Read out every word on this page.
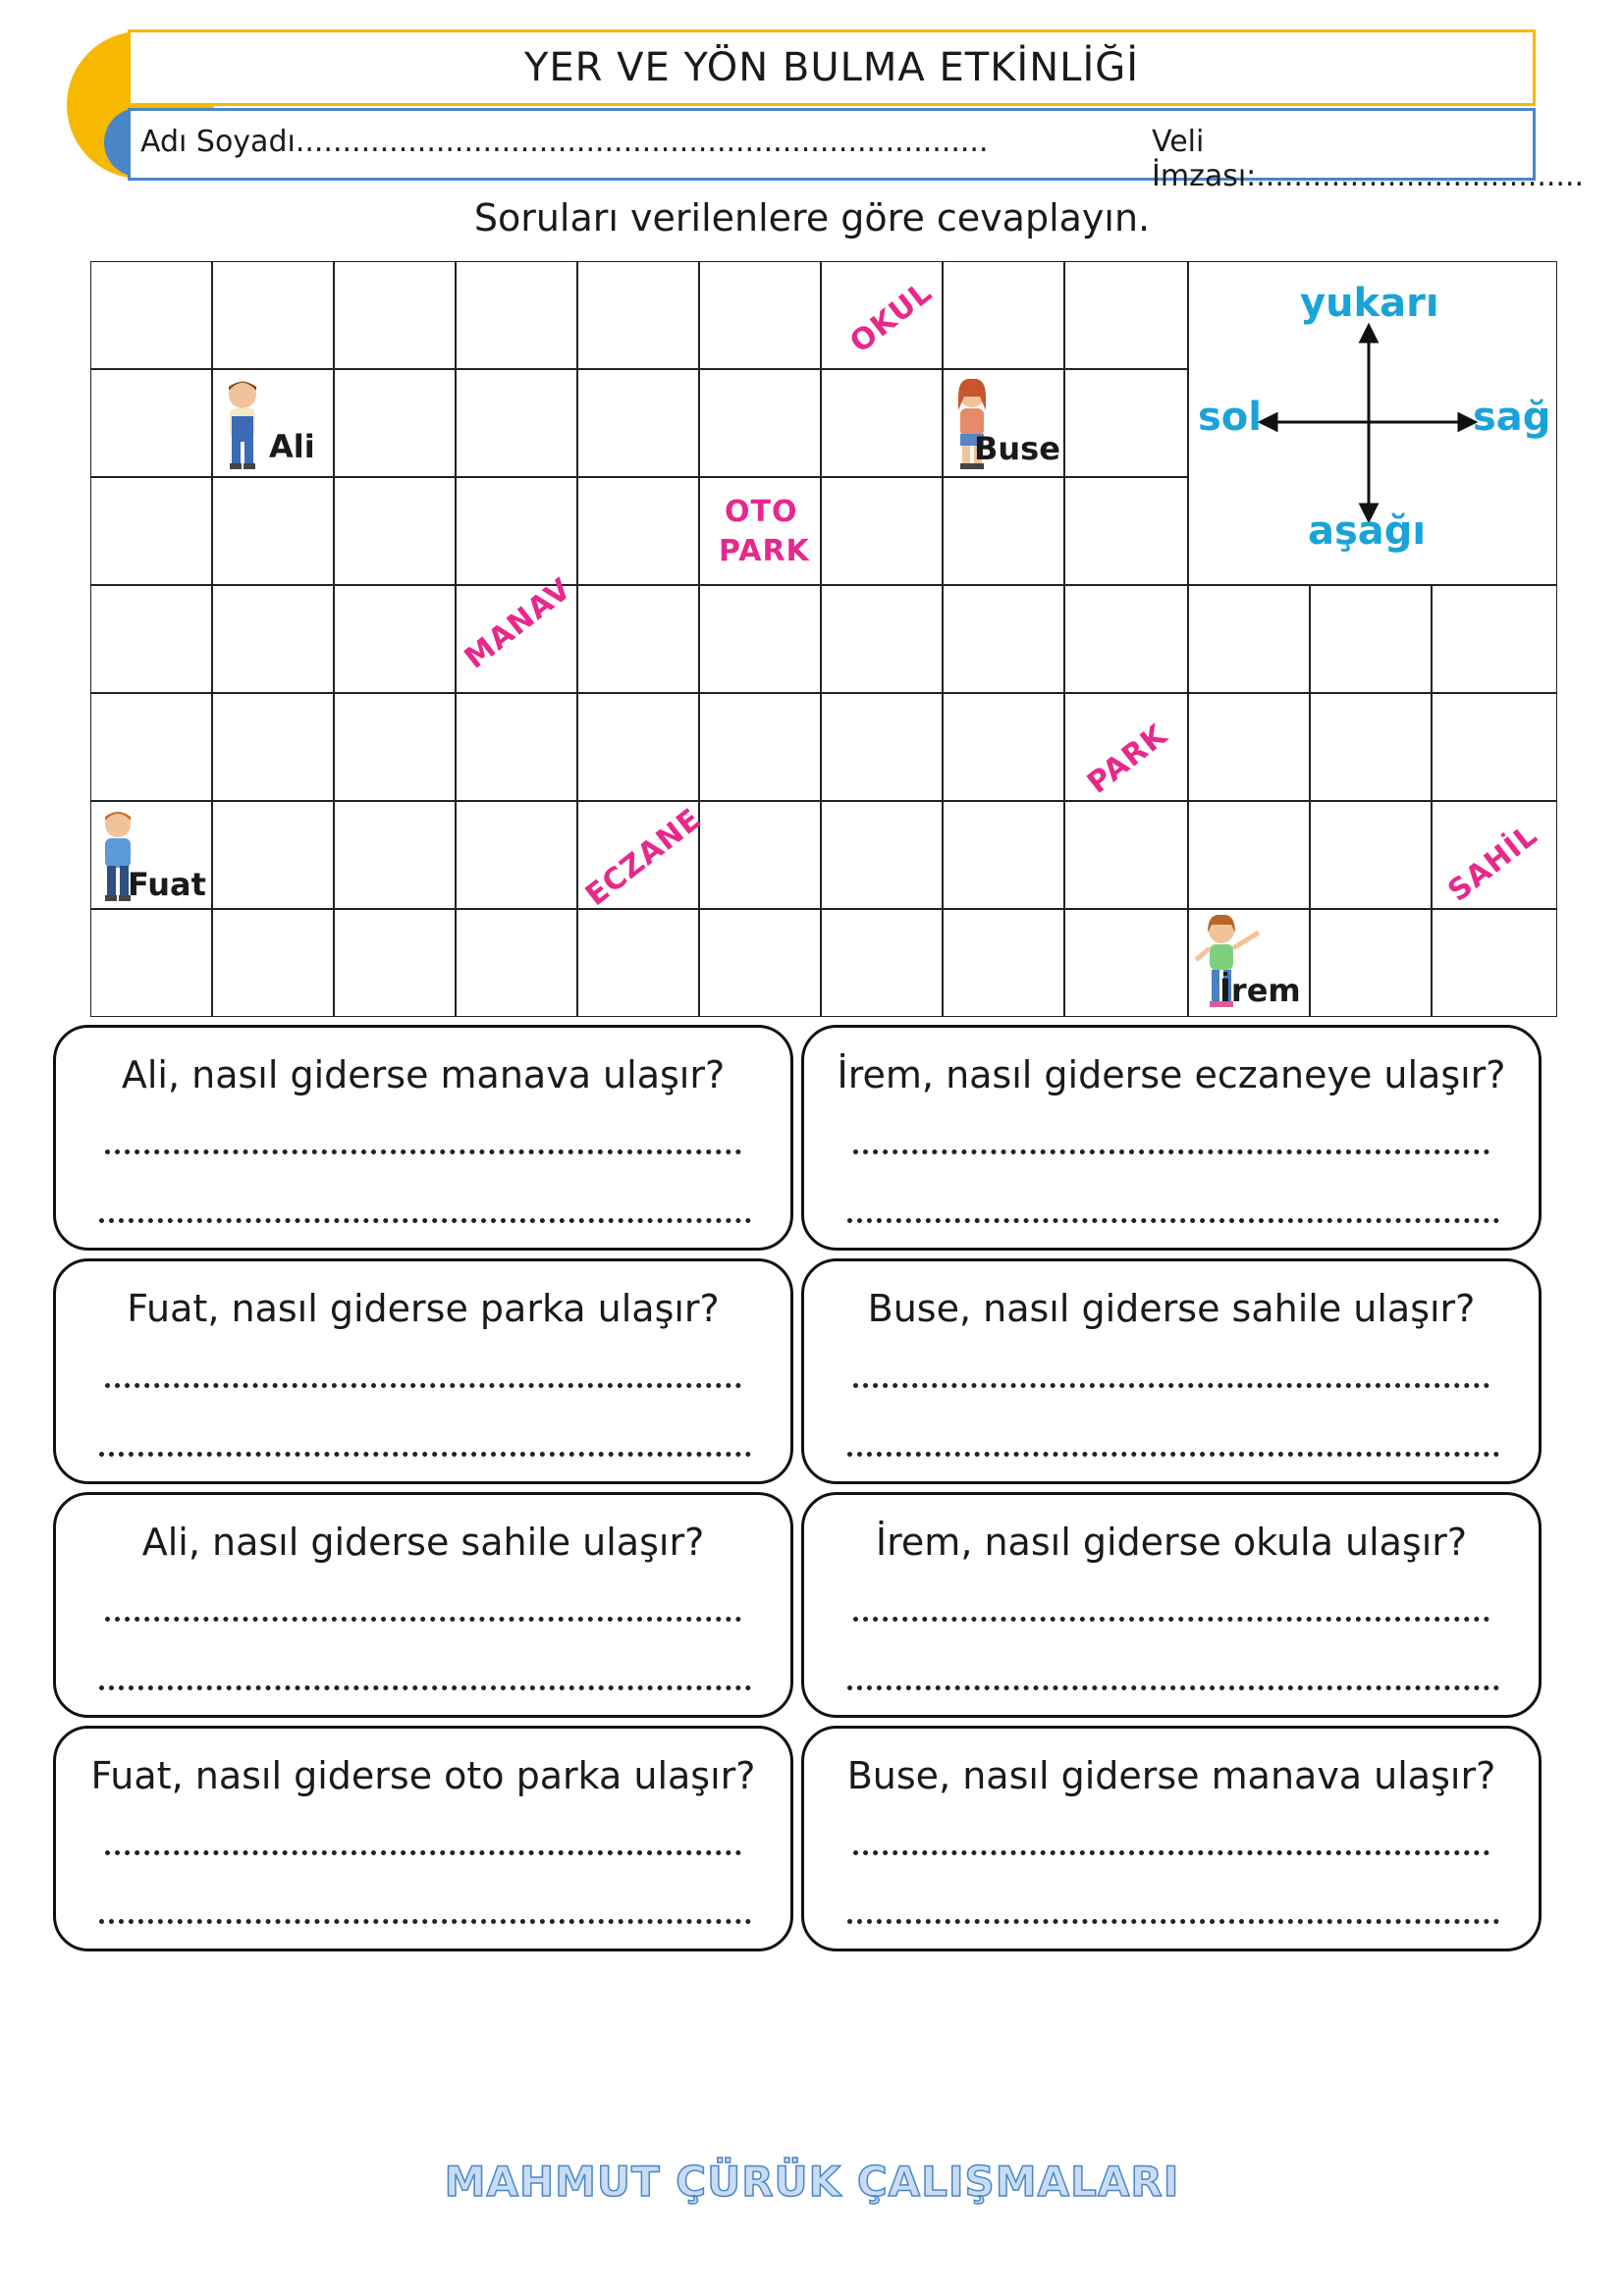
YER VE YÖN BULMA ETKİNLİĞİ
Adı Soyadı..........................................................................	Veli İmzası:...................................
Soruları verilenlere göre cevaplayın.
yukarı
sol	sağ
aşağı
OKUL
OTO
PARK
MANAV
PARK
ECZANE	SAHİL
Ali	Buse
Fuat
İrem
Ali, nasıl giderse manava ulaşır?	İrem, nasıl giderse eczaneye ulaşır?
Fuat, nasıl giderse parka ulaşır?	Buse, nasıl giderse sahile ulaşır?
Ali, nasıl giderse sahile ulaşır?	İrem, nasıl giderse okula ulaşır?
Fuat, nasıl giderse oto parka ulaşır?	Buse, nasıl giderse manava ulaşır?
MAHMUT ÇÜRÜK ÇALIŞMALARI
